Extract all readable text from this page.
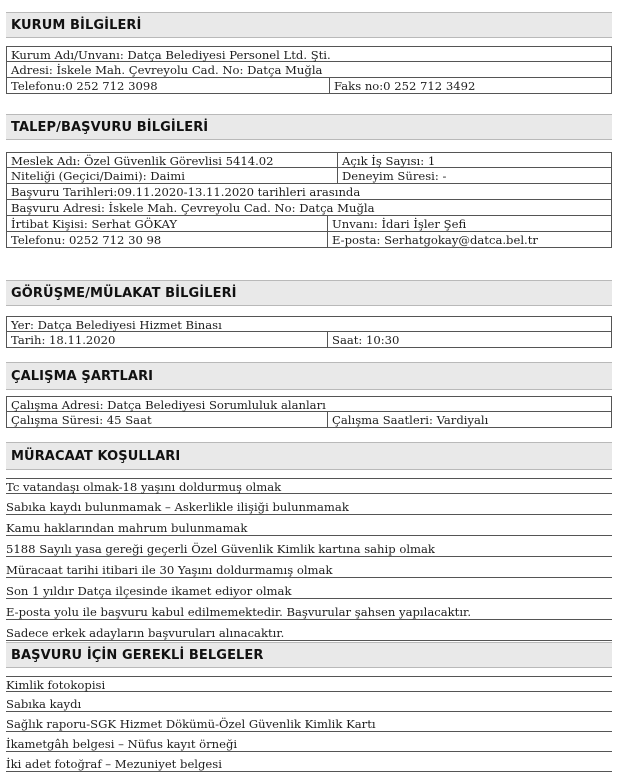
KURUM BİLGİLERİ
Kurum Adı/Unvanı: Datça Belediyesi Personel Ltd. Şti.
Adresi: İskele Mah. Çevreyolu Cad. No: Datça Muğla
Telefonu:0 252 712 3098	Faks no:0 252 712 3492
TALEP/BAŞVURU BİLGİLERİ
Meslek Adı: Özel Güvenlik Görevlisi 5414.02	Açık İş Sayısı: 1
Niteliği (Geçici/Daimi): Daimi	Deneyim Süresi: -
Başvuru Tarihleri:09.11.2020-13.11.2020 tarihleri arasında
Başvuru Adresi: İskele Mah. Çevreyolu Cad. No: Datça Muğla
İrtibat Kişisi: Serhat GÖKAY	Unvanı: İdari İşler Şefi
Telefonu: 0252 712 30 98	E-posta: Serhatgokay@datca.bel.tr
GÖRÜŞME/MÜLAKAT BİLGİLERİ
Yer: Datça Belediyesi Hizmet Binası
Tarih: 18.11.2020	Saat: 10:30
ÇALIŞMA ŞARTLARI
Çalışma Adresi: Datça Belediyesi Sorumluluk alanları
Çalışma Süresi: 45 Saat	Çalışma Saatleri: Vardiyalı
MÜRACAAT KOŞULLARI
Tc vatandaşı olmak-18 yaşını doldurmuş olmak
Sabıka kaydı bulunmamak – Askerlikle ilişiği bulunmamak
Kamu haklarından mahrum bulunmamak
5188 Sayılı yasa gereği geçerli Özel Güvenlik Kimlik kartına sahip olmak
Müracaat tarihi itibari ile 30 Yaşını doldurmamış olmak
Son 1 yıldır Datça ilçesinde ikamet ediyor olmak
E-posta yolu ile başvuru kabul edilmemektedir. Başvurular şahsen yapılacaktır.
Sadece erkek adayların başvuruları alınacaktır.
BAŞVURU İÇİN GEREKLİ BELGELER
Kimlik fotokopisi
Sabıka kaydı
Sağlık raporu-SGK Hizmet Dökümü-Özel Güvenlik Kimlik Kartı
İkametgâh belgesi – Nüfus kayıt örneği
İki adet fotoğraf – Mezuniyet belgesi
